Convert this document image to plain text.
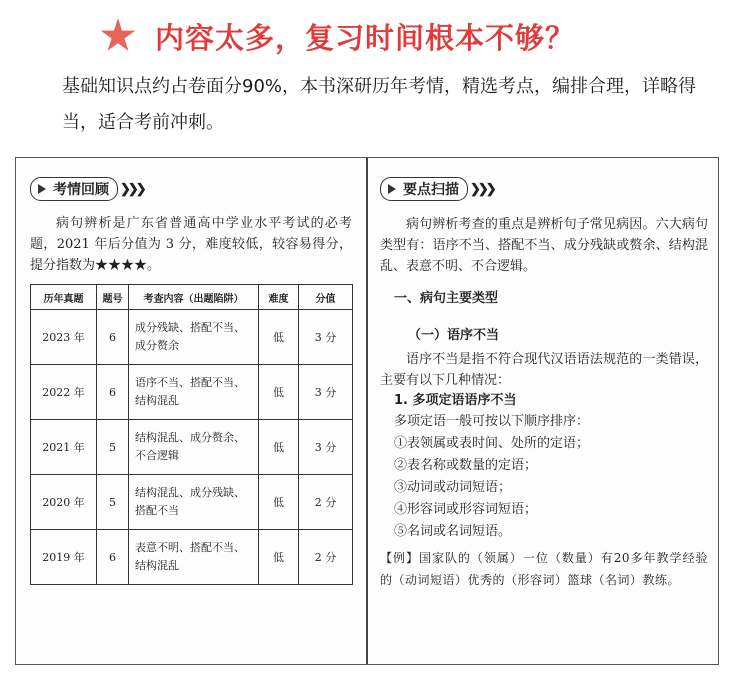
内容太多，复习时间根本不够？

基础知识点约占卷面分90%，本书深研历年考情，精选考点，编排合理，详略得当，适合考前冲刺。

考情回顾 ❯❯❯

病句辨析是广东省普通高中学业水平考试的必考题，2021 年后分值为 3 分，难度较低，较容易得分，提分指数为★★★★。

历年真题	题号	考查内容（出题陷阱）	难度	分值
2023 年	6	成分残缺、搭配不当、成分赘余	低	3 分
2022 年	6	语序不当、搭配不当、结构混乱	低	3 分
2021 年	5	结构混乱、成分赘余、不合逻辑	低	3 分
2020 年	5	结构混乱、成分残缺、搭配不当	低	2 分
2019 年	6	表意不明、搭配不当、结构混乱	低	2 分
要点扫描 ❯❯❯

病句辨析考查的重点是辨析句子常见病因。六大病句类型有：语序不当、搭配不当、成分残缺或赘余、结构混乱、表意不明、不合逻辑。

一、病句主要类型
（一）语序不当

语序不当是指不符合现代汉语语法规范的一类错误，主要有以下几种情况：

1. 多项定语语序不当
多项定语一般可按以下顺序排序：
①表领属或表时间、处所的定语；
②表名称或数量的定语；
③动词或动词短语；
④形容词或形容词短语；
⑤名词或名词短语。

【例】国家队的（领属）一位（数量）有20多年教学经验的（动词短语）优秀的（形容词）篮球（名词）教练。
